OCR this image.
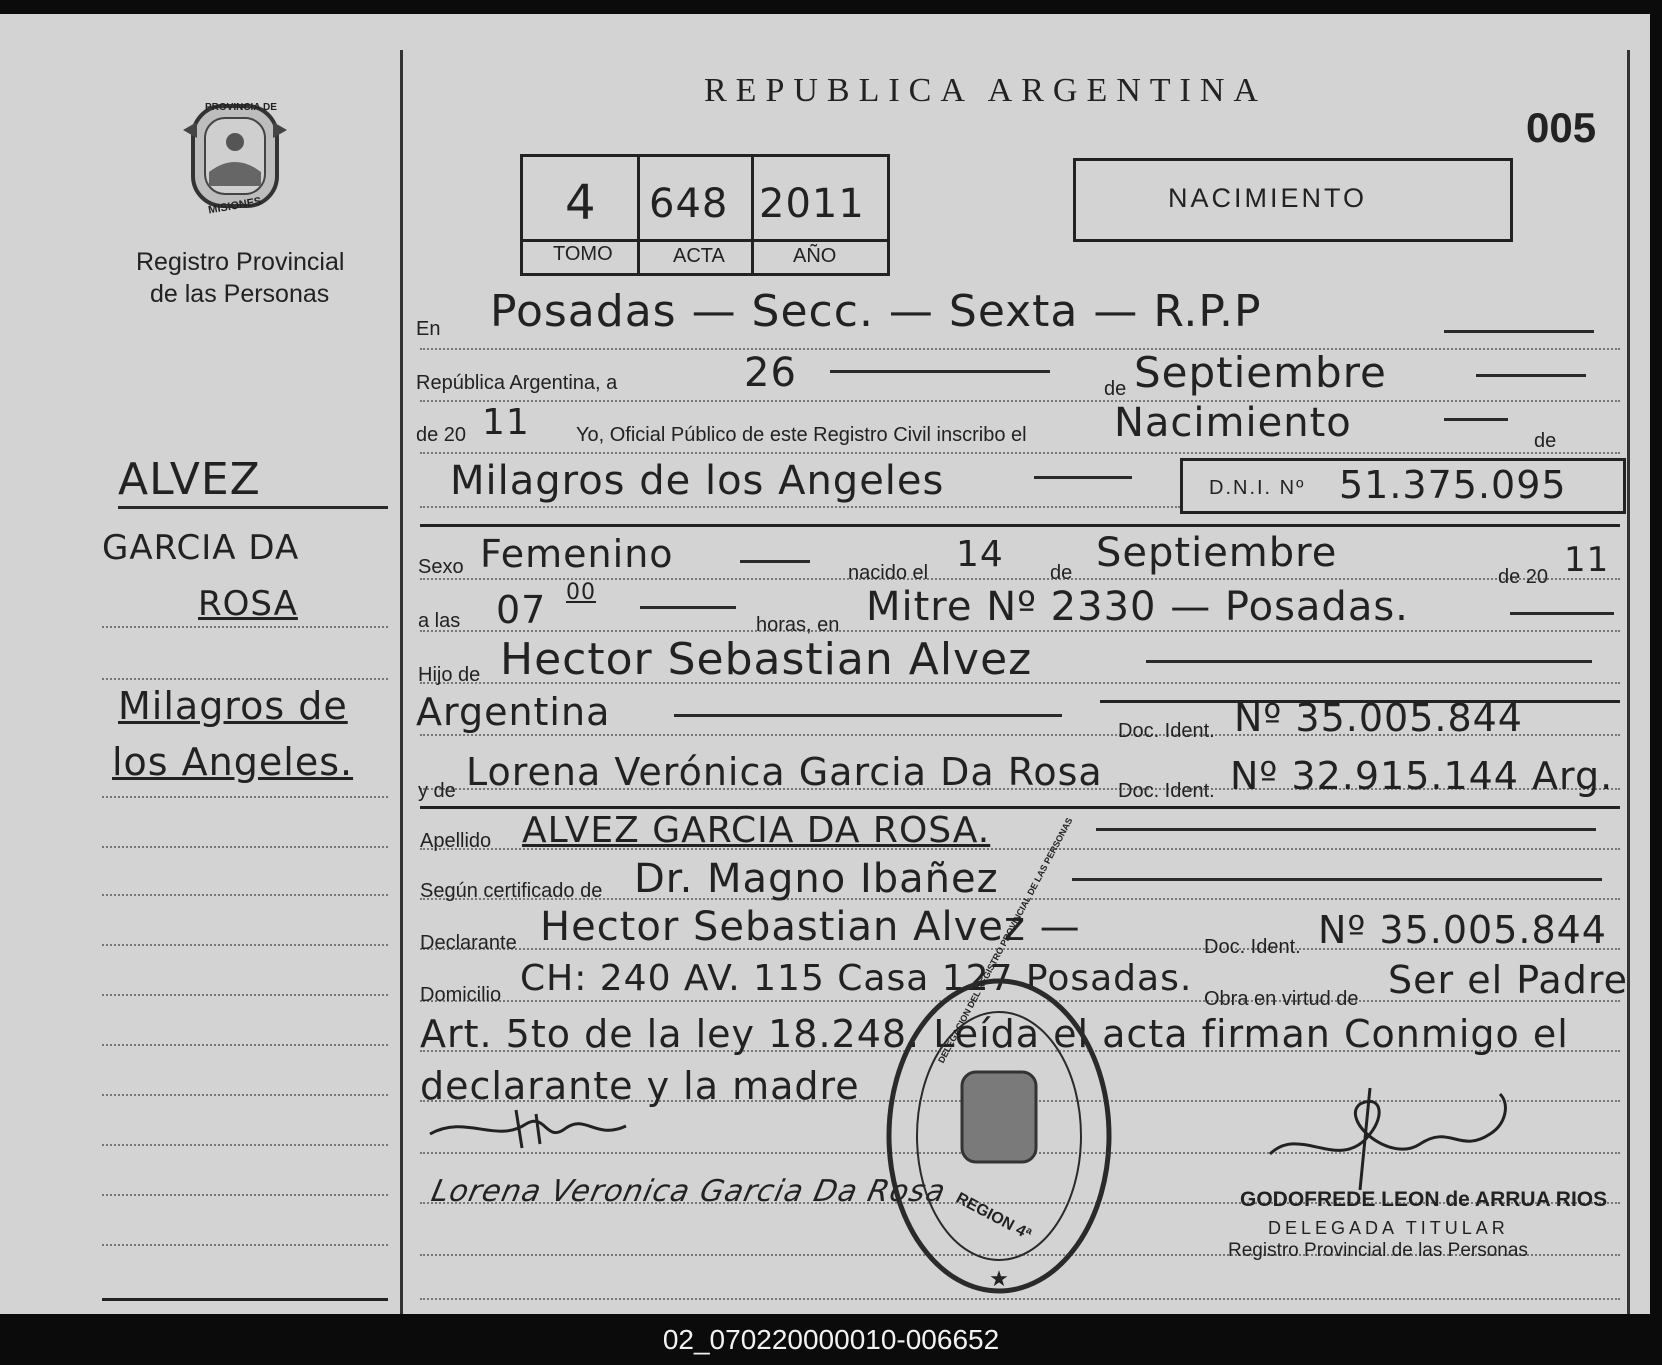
PROVINCIA DE
MISIONES
Registro Provincial
de las Personas
REPUBLICA ARGENTINA
005
4 648 2011
TOMO	ACTA	AÑO
NACIMIENTO
ALVEZ
GARCIA DA
ROSA
Milagros de
los Angeles.
En Posadas — Secc. — Sexta — R.P.P
República Argentina, a	26	de Septiembre
de 20 11 Yo, Oficial Público de este Registro Civil inscribo el Nacimiento	de
Milagros de los Angeles	D.N.I. Nº 51.375.095
Sexo Femenino	nacido el 14 de Septiembre
de 20 11
a las 07 00
horas, en Mitre Nº 2330 — Posadas.
Hijo de Hector Sebastian Alvez
Argentina	Doc. Ident. Nº 35.005.844
y de Lorena Verónica Garcia Da Rosa Doc. Ident. Nº 32.915.144 Arg.
Apellido ALVEZ GARCIA DA ROSA.
Según certificado de Dr. Magno Ibañez
Declarante Hector Sebastian Alvez —	Doc. Ident. Nº 35.005.844
Domicilio CH: 240 AV. 115 Casa 127 Posadas. Obra en virtud de Ser el Padre
Art. 5to de la ley 18.248. Leída el acta firman Conmigo el
declarante y la madre
Lorena Veronica Garcia Da Rosa	GODOFREDE LEON de ARRUA RIOS
DELEGADA TITULAR
Registro Provincial de las Personas
★
DELEGACION DEL REGISTRO PROVINCIAL DE LAS PERSONAS
REGION 4ª
02_070220000010-006652
